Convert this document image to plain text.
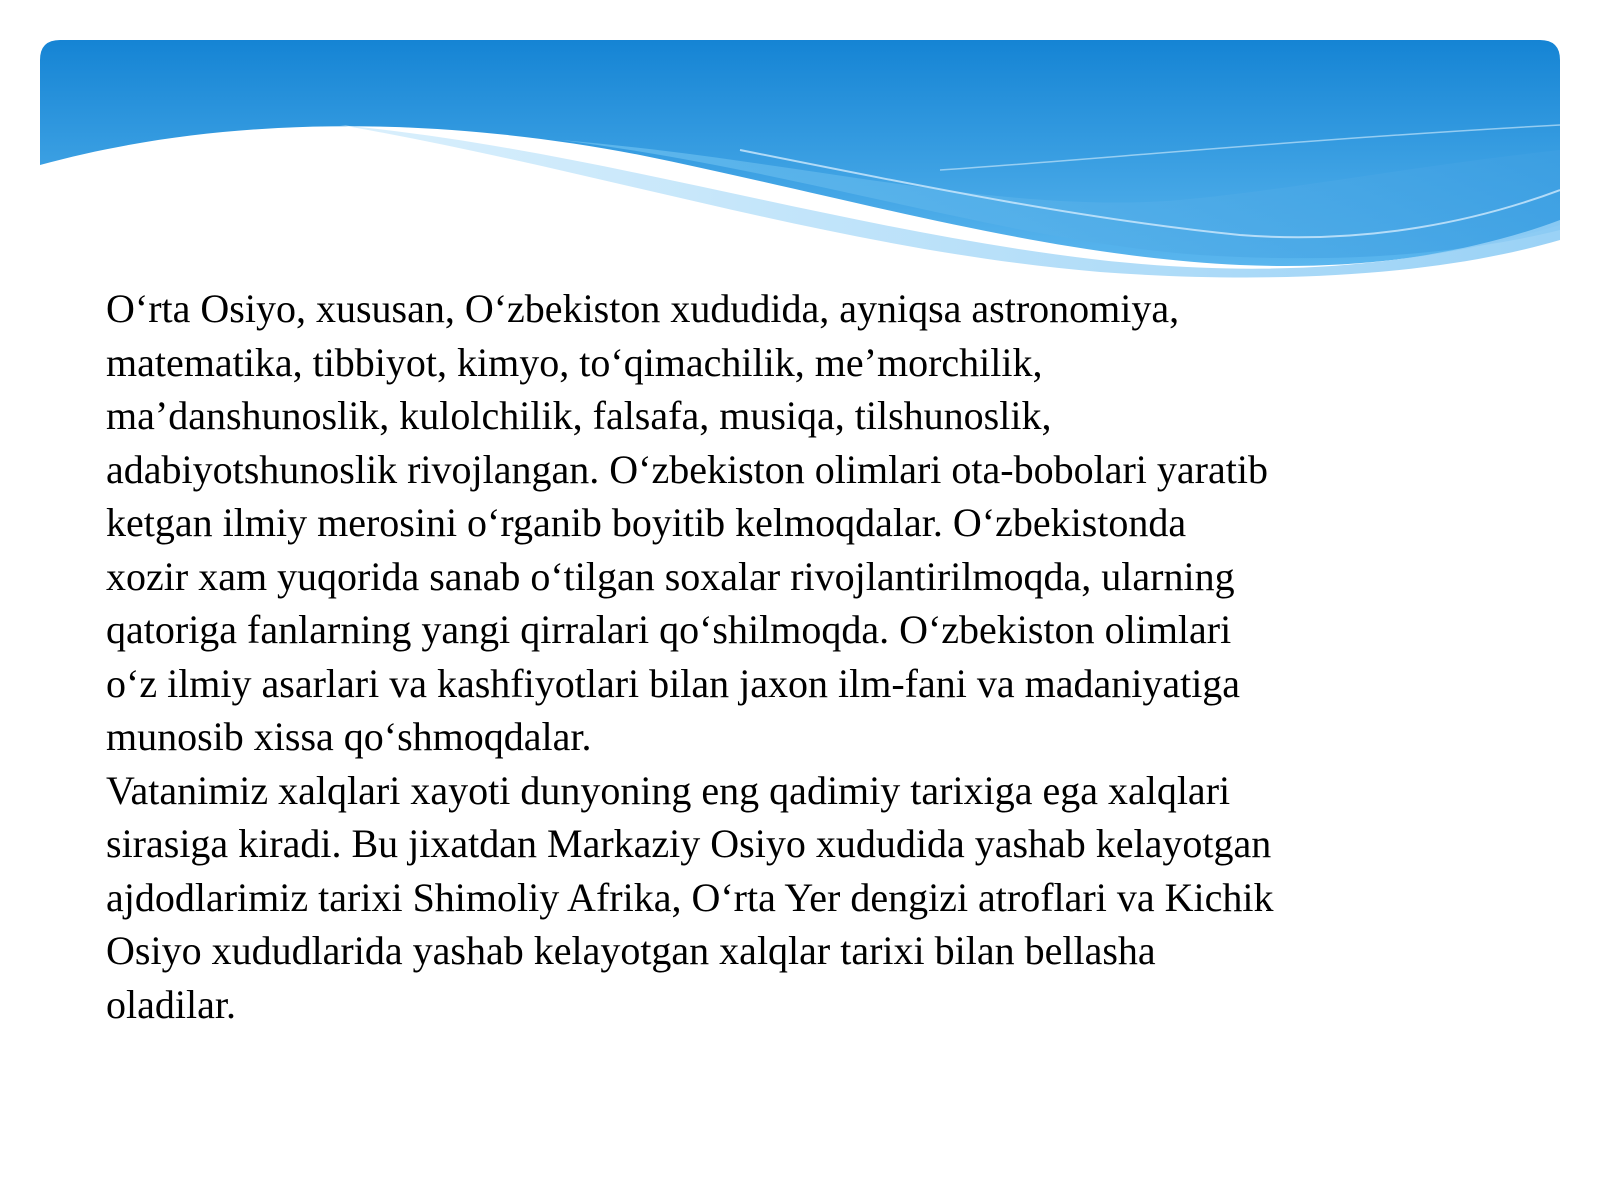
O‘rta Osiyo, xususan, O‘zbekiston xududida, ayniqsa astronomiya,
matematika, tibbiyot, kimyo, to‘qimachilik, me’morchilik,
ma’danshunoslik, kulolchilik, falsafa, musiqa, tilshunoslik,
adabiyotshunoslik rivojlangan. O‘zbekiston olimlari ota-bobolari yaratib
ketgan ilmiy merosini o‘rganib boyitib kelmoqdalar. O‘zbekistonda
xozir xam yuqorida sanab o‘tilgan soxalar rivojlantirilmoqda, ularning
qatoriga fanlarning yangi qirralari qo‘shilmoqda. O‘zbekiston olimlari
o‘z ilmiy asarlari va kashfiyotlari bilan jaxon ilm-fani va madaniyatiga
munosib xissa qo‘shmoqdalar.

Vatanimiz xalqlari xayoti dunyoning eng qadimiy tarixiga ega xalqlari
sirasiga kiradi. Bu jixatdan Markaziy Osiyo xududida yashab kelayotgan
ajdodlarimiz tarixi Shimoliy Afrika, O‘rta Yer dengizi atroflari va Kichik
Osiyo xududlarida yashab kelayotgan xalqlar tarixi bilan bellasha
oladilar.
